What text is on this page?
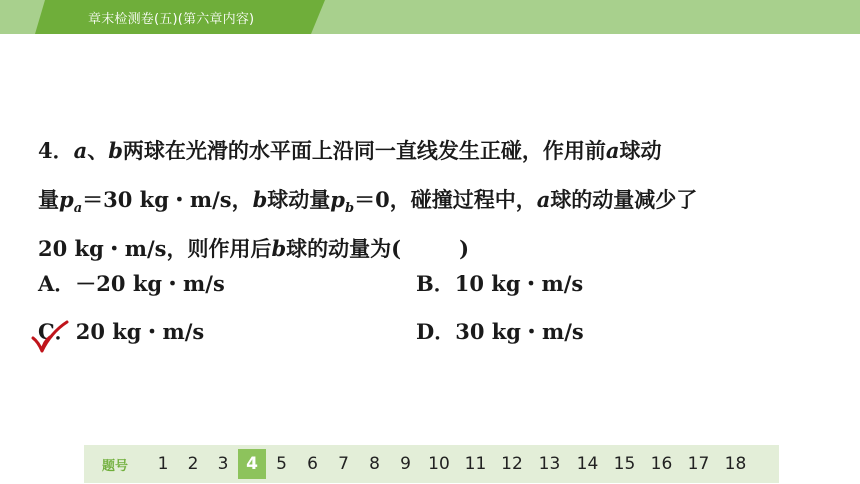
章末检测卷(五)(第六章内容)

4．a、b两球在光滑的水平面上沿同一直线发生正碰，作用前a球动

量$p_a=30$ kg・m/s，b球动量$p_b=0$，碰撞过程中，a球的动量减少了

20 kg・m/s，则作用后b球的动量为(	)

A．－20 kg・m/s	B．10 kg・m/s
C．20 kg・m/s	D．30 kg・m/s
题号	1	2	3	4	5	6	7	8	9	10 11 12 13 14 15 16 17 18
